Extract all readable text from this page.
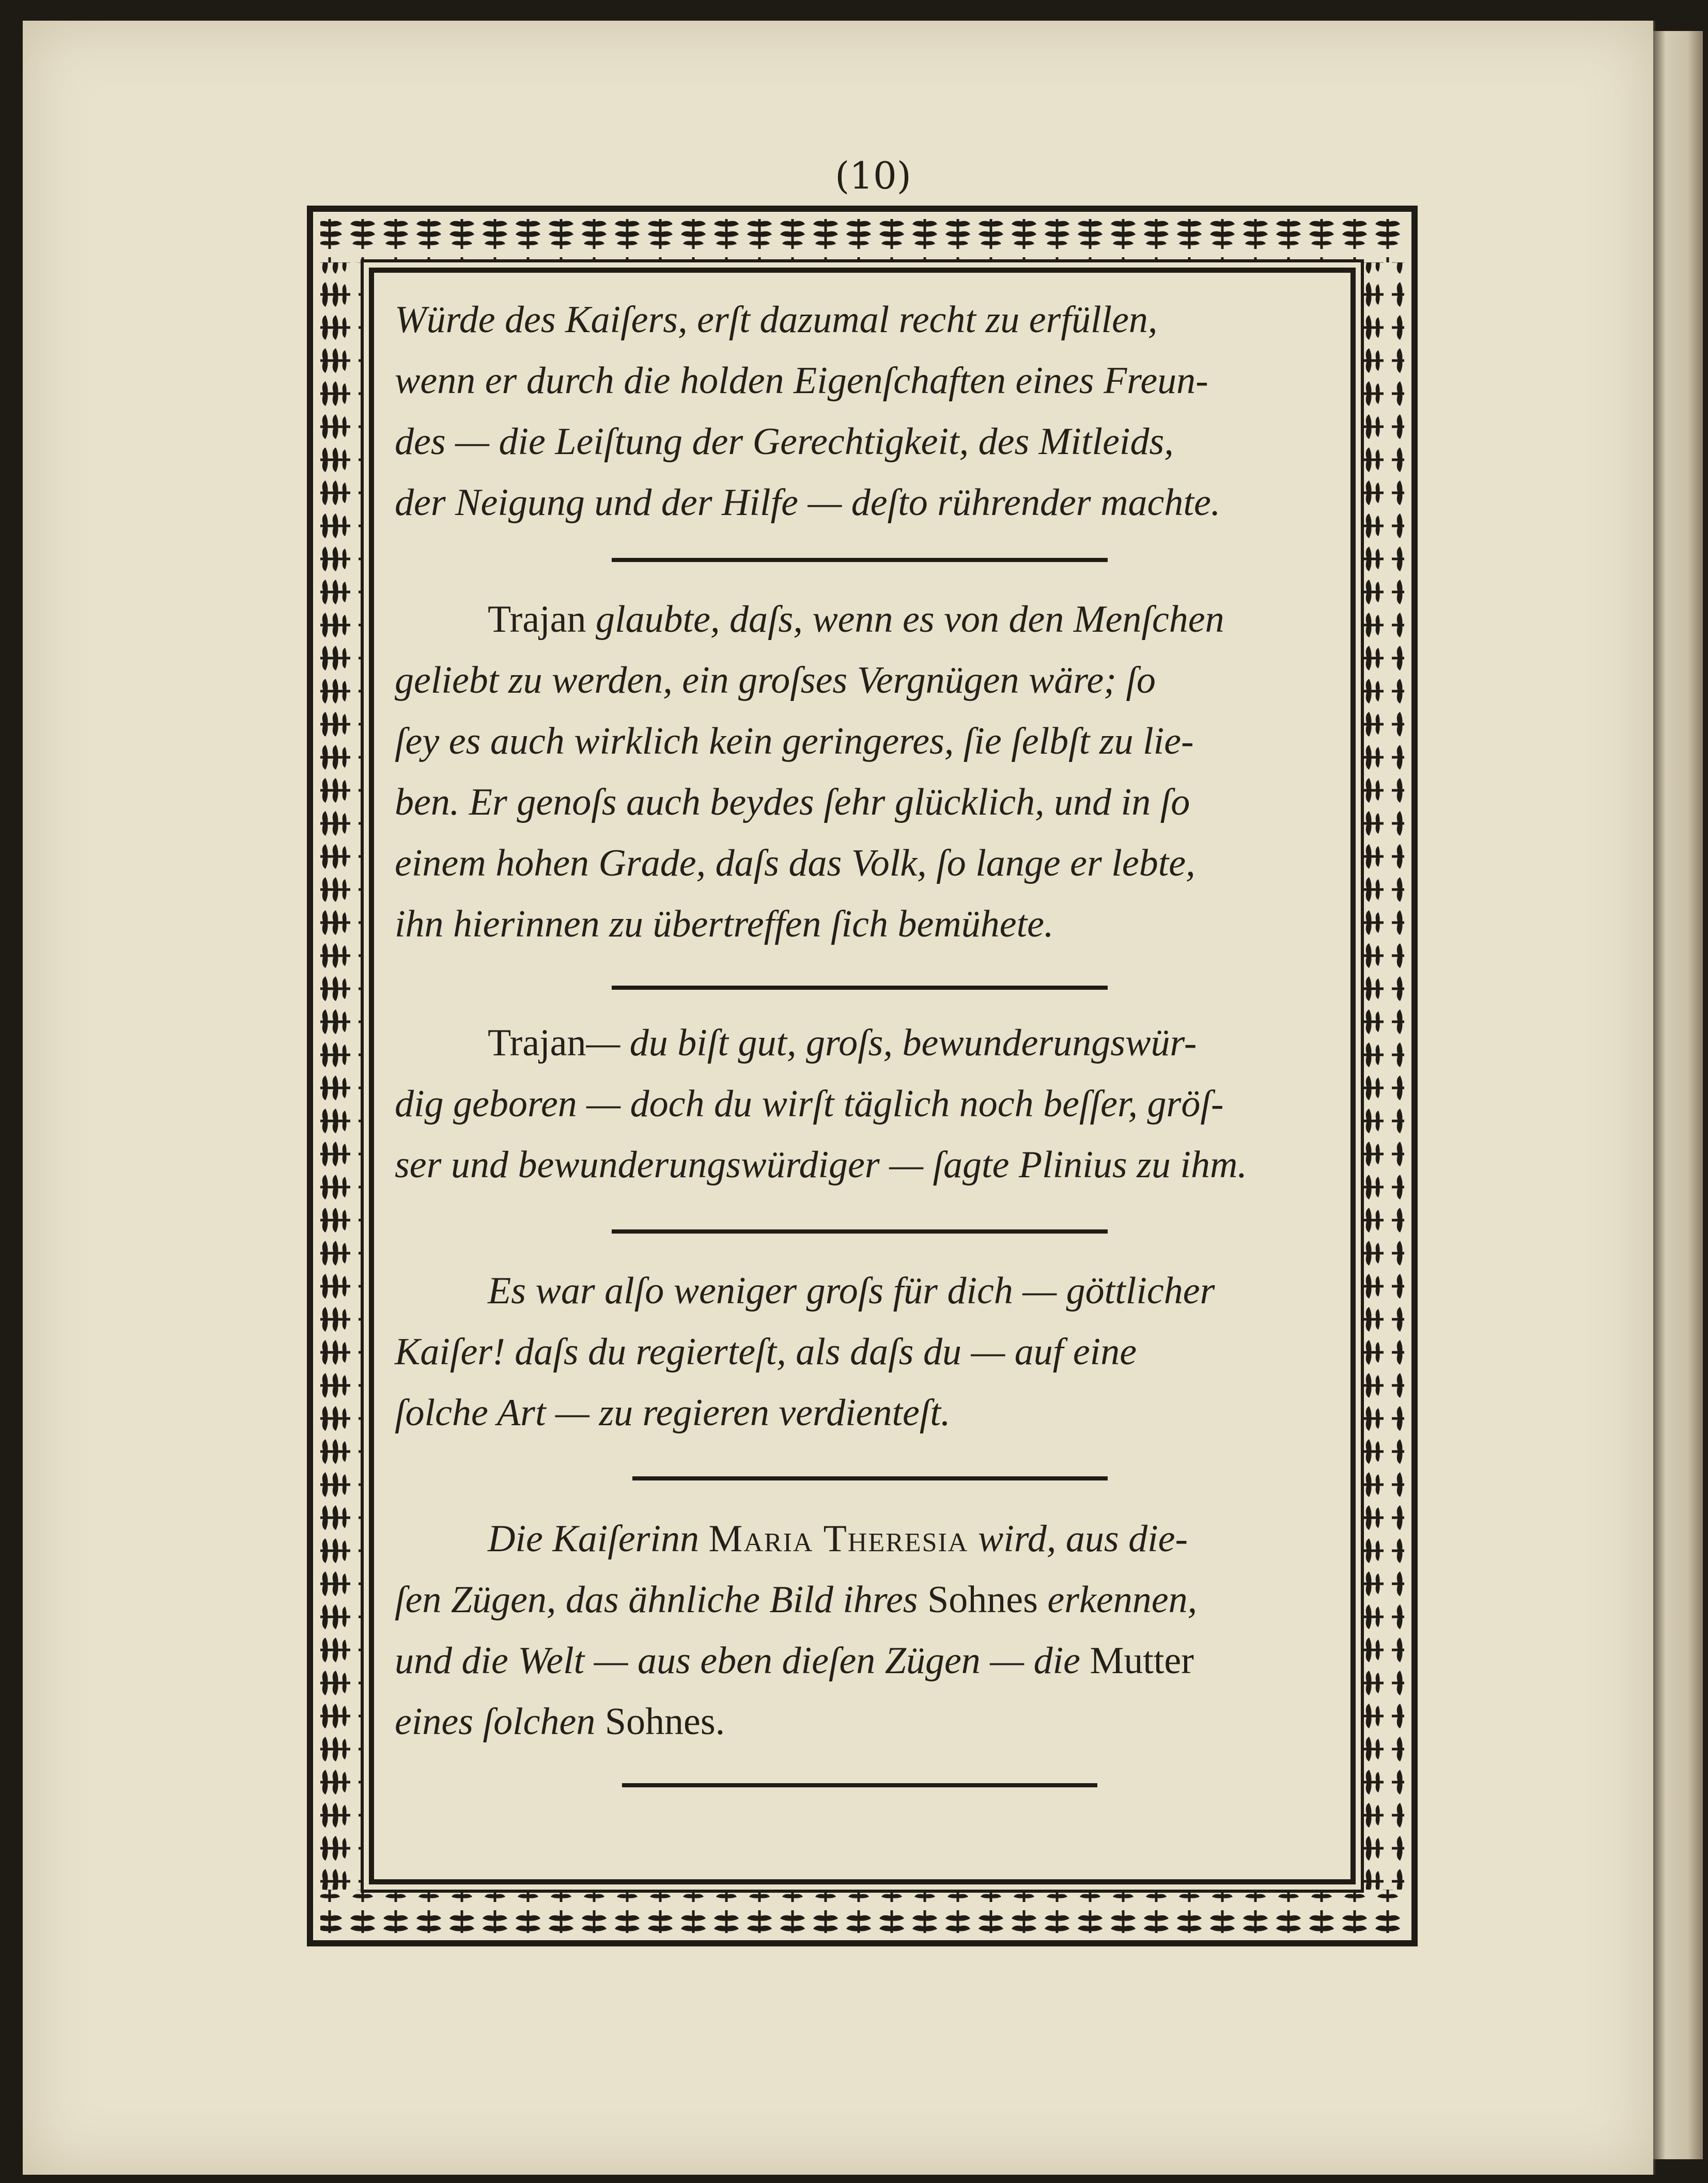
(10)
Würde des Kaiſers, erſt dazumal recht zu erfüllen,
wenn er durch die holden Eigenſchaften eines Freun-
des — die Leiſtung der Gerechtigkeit, des Mitleids,
der Neigung und der Hilfe — deſto rührender machte.
Trajan glaubte, daſs, wenn es von den Menſchen
geliebt zu werden, ein groſses Vergnügen wäre; ſo
ſey es auch wirklich kein geringeres, ſie ſelbſt zu lie-
ben. Er genoſs auch beydes ſehr glücklich, und in ſo
einem hohen Grade, daſs das Volk, ſo lange er lebte,
ihn hierinnen zu übertreffen ſich bemühete.
Trajan— du biſt gut, groſs, bewunderungswür-
dig geboren — doch du wirſt täglich noch beſſer, gröſ-
ser und bewunderungswürdiger — ſagte Plinius zu ihm.
Es war alſo weniger groſs für dich — göttlicher
Kaiſer! daſs du regierteſt, als daſs du — auf eine
ſolche Art — zu regieren verdienteſt.
Die Kaiſerinn Maria Theresia wird, aus die-
ſen Zügen, das ähnliche Bild ihres Sohnes erkennen,
und die Welt — aus eben dieſen Zügen — die Mutter
eines ſolchen Sohnes.
